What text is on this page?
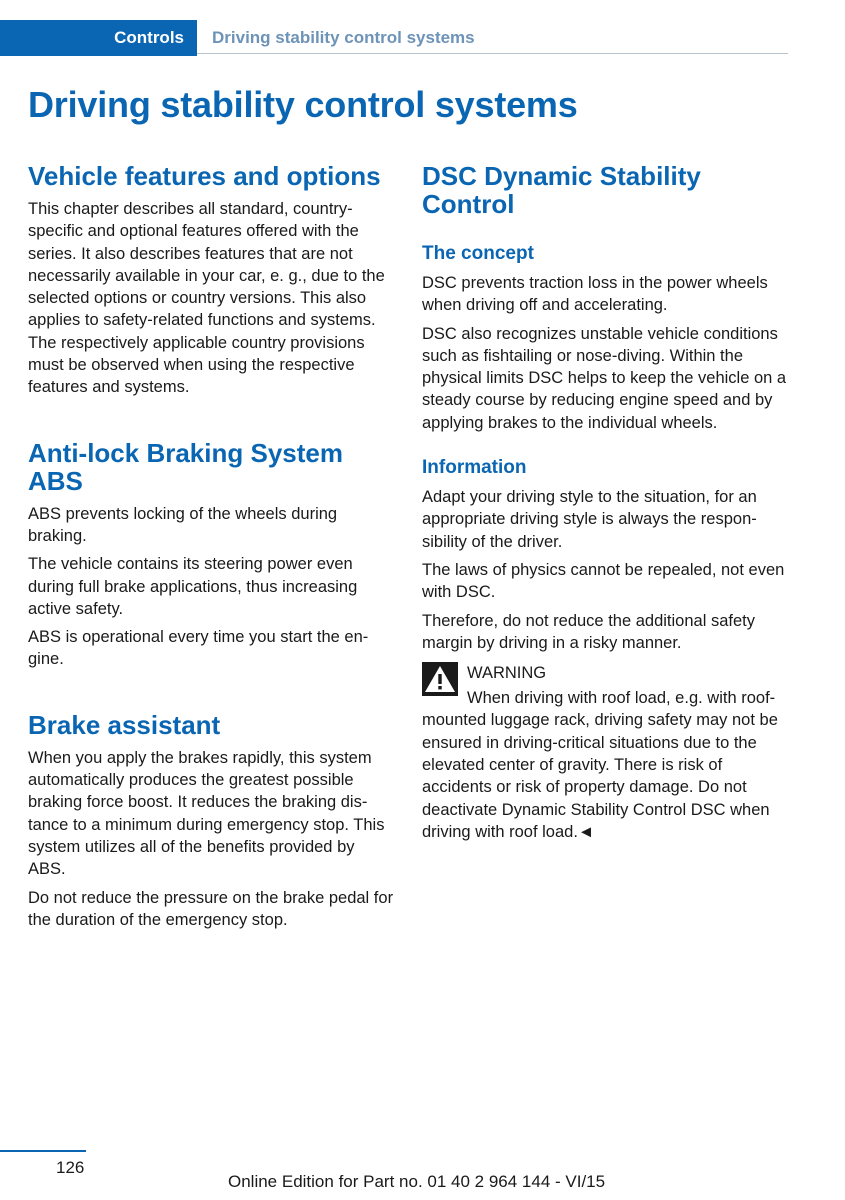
Controls	Driving stability control systems
Driving stability control systems
Vehicle features and options

This chapter describes all standard, country-specific and optional features offered with the series. It also describes features that are not necessarily available in your car, e. g., due to the selected options or country versions. This also applies to safety-related functions and systems. The respectively applicable country provisions must be observed when using the respective features and systems.

Anti-lock Braking System ABS

ABS prevents locking of the wheels during braking.

The vehicle contains its steering power even during full brake applications, thus increasing active safety.

ABS is operational every time you start the engine.

Brake assistant

When you apply the brakes rapidly, this system automatically produces the greatest possible braking force boost. It reduces the braking distance to a minimum during emergency stop. This system utilizes all of the benefits provided by ABS.

Do not reduce the pressure on the brake pedal for the duration of the emergency stop.

DSC Dynamic Stability Control
The concept

DSC prevents traction loss in the power wheels when driving off and accelerating.

DSC also recognizes unstable vehicle conditions such as fishtailing or nose-diving. Within the physical limits DSC helps to keep the vehicle on a steady course by reducing engine speed and by applying brakes to the individual wheels.

Information

Adapt your driving style to the situation, for an appropriate driving style is always the responsibility of the driver.

The laws of physics cannot be repealed, not even with DSC.

Therefore, do not reduce the additional safety margin by driving in a risky manner.

WARNING

When driving with roof load, e.g. with roof-mounted luggage rack, driving safety may not be ensured in driving-critical situations due to the elevated center of gravity. There is risk of accidents or risk of property damage. Do not deactivate Dynamic Stability Control DSC when driving with roof load.◄

126
Online Edition for Part no. 01 40 2 964 144 - VI/15
